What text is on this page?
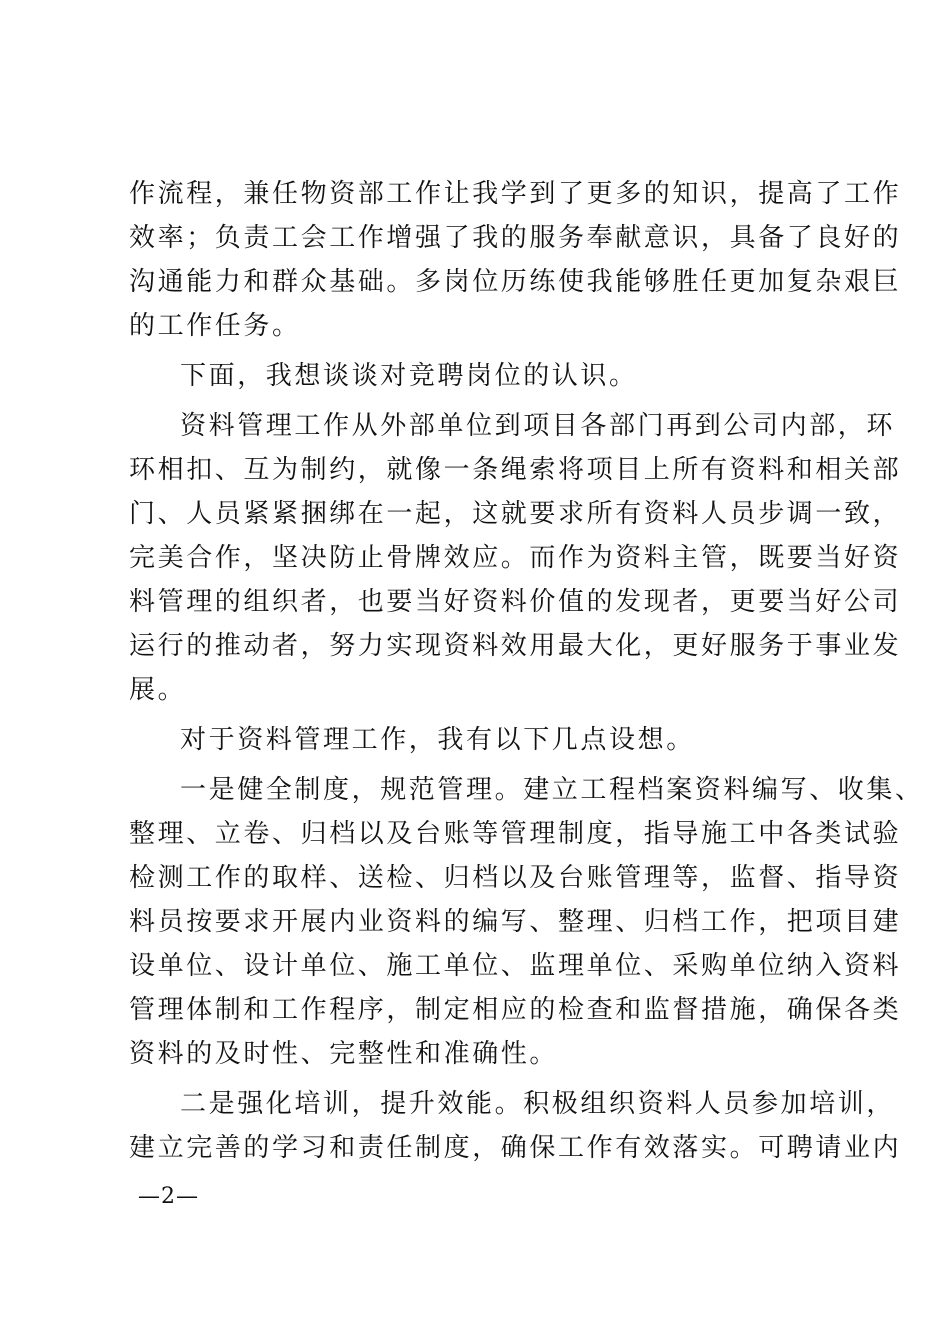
作流程，兼任物资部工作让我学到了更多的知识，提高了工作
效率；负责工会工作增强了我的服务奉献意识，具备了良好的
沟通能力和群众基础。多岗位历练使我能够胜任更加复杂艰巨
的工作任务。
下面，我想谈谈对竞聘岗位的认识。
资料管理工作从外部单位到项目各部门再到公司内部，环
环相扣、互为制约，就像一条绳索将项目上所有资料和相关部
门、人员紧紧捆绑在一起，这就要求所有资料人员步调一致，
完美合作，坚决防止骨牌效应。而作为资料主管，既要当好资
料管理的组织者，也要当好资料价值的发现者，更要当好公司
运行的推动者，努力实现资料效用最大化，更好服务于事业发
展。
对于资料管理工作，我有以下几点设想。
一是健全制度，规范管理。建立工程档案资料编写、收集、
整理、立卷、归档以及台账等管理制度，指导施工中各类试验
检测工作的取样、送检、归档以及台账管理等，监督、指导资
料员按要求开展内业资料的编写、整理、归档工作，把项目建
设单位、设计单位、施工单位、监理单位、采购单位纳入资料
管理体制和工作程序，制定相应的检查和监督措施，确保各类
资料的及时性、完整性和准确性。
二是强化培训，提升效能。积极组织资料人员参加培训，
建立完善的学习和责任制度，确保工作有效落实。可聘请业内
—2—
